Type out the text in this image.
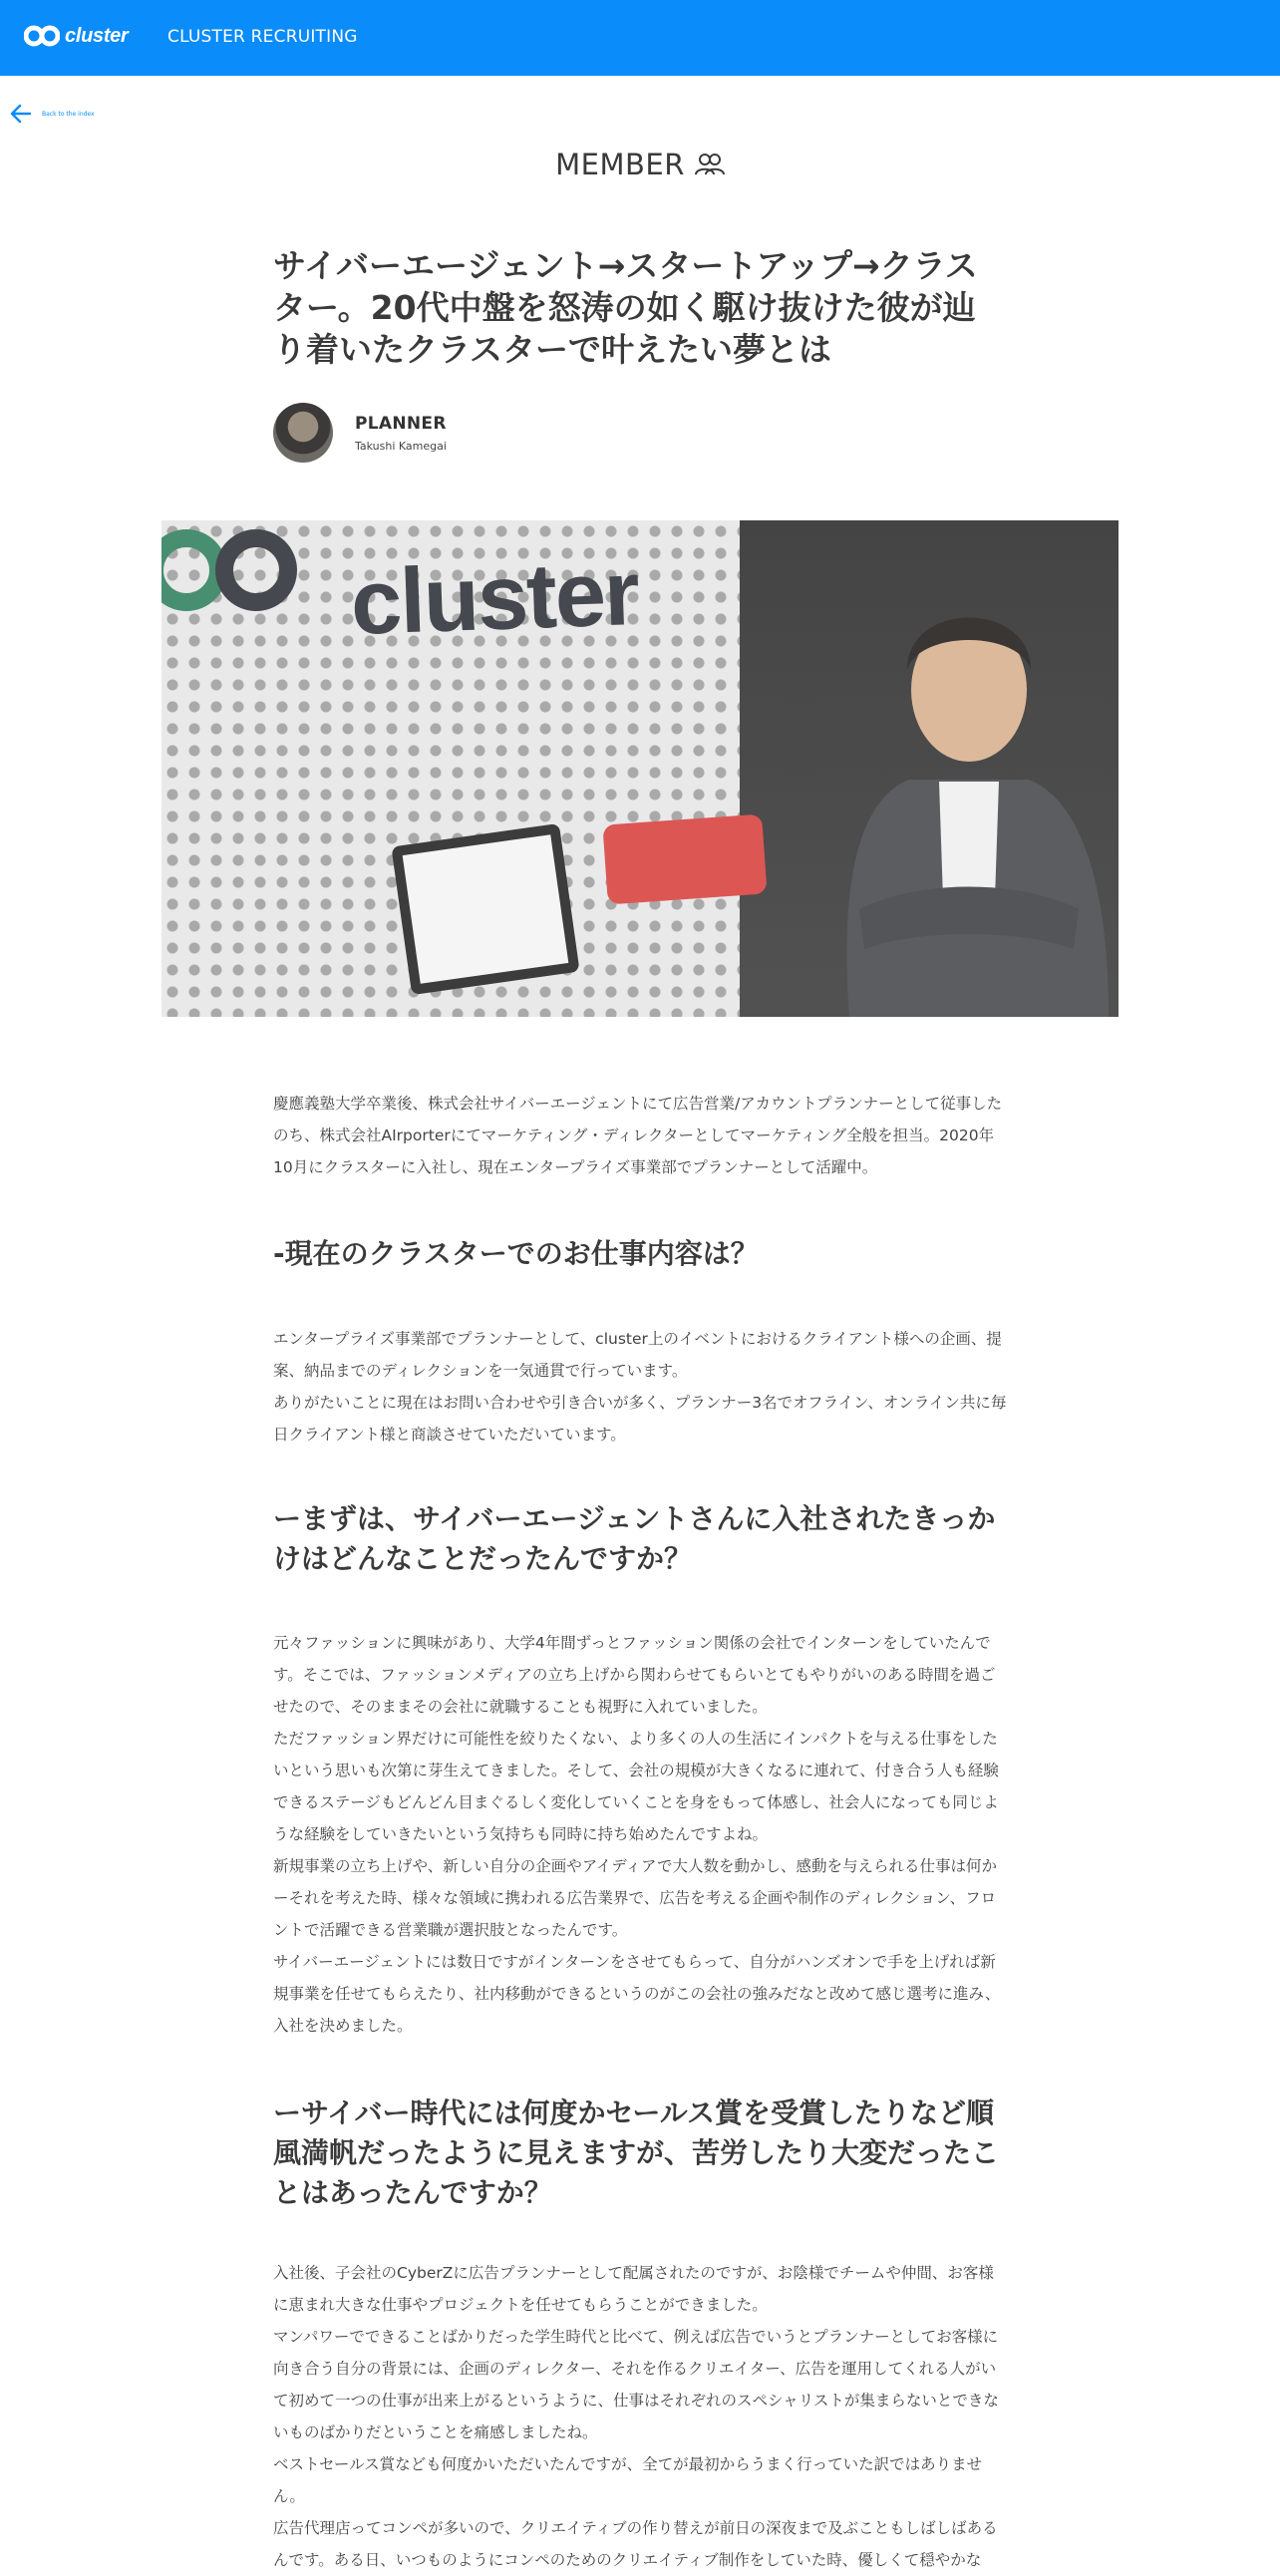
cluster CLUSTER RECRUITING
Back to the index
MEMBER
サイバーエージェント→スタートアップ→クラスター。20代中盤を怒涛の如く駆け抜けた彼が辿り着いたクラスターで叶えたい夢とは
PLANNER
Takushi Kamegai
cluster
慶應義塾大学卒業後、株式会社サイバーエージェントにて広告営業/アカウントプランナーとして従事したのち、株式会社AIrporterにてマーケティング・ディレクターとしてマーケティング全般を担当。2020年10月にクラスターに入社し、現在エンタープライズ事業部でプランナーとして活躍中。
-現在のクラスターでのお仕事内容は？

エンタープライズ事業部でプランナーとして、cluster上のイベントにおけるクライアント様への企画、提案、納品までのディレクションを一気通貫で行っています。

ありがたいことに現在はお問い合わせや引き合いが多く、プランナー3名でオフライン、オンライン共に毎日クライアント様と商談させていただいています。

ーまずは、サイバーエージェントさんに入社されたきっかけはどんなことだったんですか？

元々ファッションに興味があり、大学4年間ずっとファッション関係の会社でインターンをしていたんです。そこでは、ファッションメディアの立ち上げから関わらせてもらいとてもやりがいのある時間を過ごせたので、そのままその会社に就職することも視野に入れていました。

ただファッション界だけに可能性を絞りたくない、より多くの人の生活にインパクトを与える仕事をしたいという思いも次第に芽生えてきました。そして、会社の規模が大きくなるに連れて、付き合う人も経験できるステージもどんどん目まぐるしく変化していくことを身をもって体感し、社会人になっても同じような経験をしていきたいという気持ちも同時に持ち始めたんですよね。

新規事業の立ち上げや、新しい自分の企画やアイディアで大人数を動かし、感動を与えられる仕事は何かーそれを考えた時、様々な領域に携われる広告業界で、広告を考える企画や制作のディレクション、フロントで活躍できる営業職が選択肢となったんです。

サイバーエージェントには数日ですがインターンをさせてもらって、自分がハンズオンで手を上げれば新規事業を任せてもらえたり、社内移動ができるというのがこの会社の強みだなと改めて感じ選考に進み、入社を決めました。

ーサイバー時代には何度かセールス賞を受賞したりなど順風満帆だったように見えますが、苦労したり大変だったことはあったんですか？

入社後、子会社のCyberZに広告プランナーとして配属されたのですが、お陰様でチームや仲間、お客様に恵まれ大きな仕事やプロジェクトを任せてもらうことができました。

マンパワーでできることばかりだった学生時代と比べて、例えば広告でいうとプランナーとしてお客様に向き合う自分の背景には、企画のディレクター、それを作るクリエイター、広告を運用してくれる人がいて初めて一つの仕事が出来上がるというように、仕事はそれぞれのスペシャリストが集まらないとできないものばかりだということを痛感しましたね。

ベストセールス賞なども何度かいただいたんですが、全てが最初からうまく行っていた訳ではありません。

広告代理店ってコンペが多いので、クリエイティブの作り替えが前日の深夜まで及ぶこともしばしばあるんです。ある日、いつものようにコンペのためのクリエイティブ制作をしていた時、優しくて穏やかな
